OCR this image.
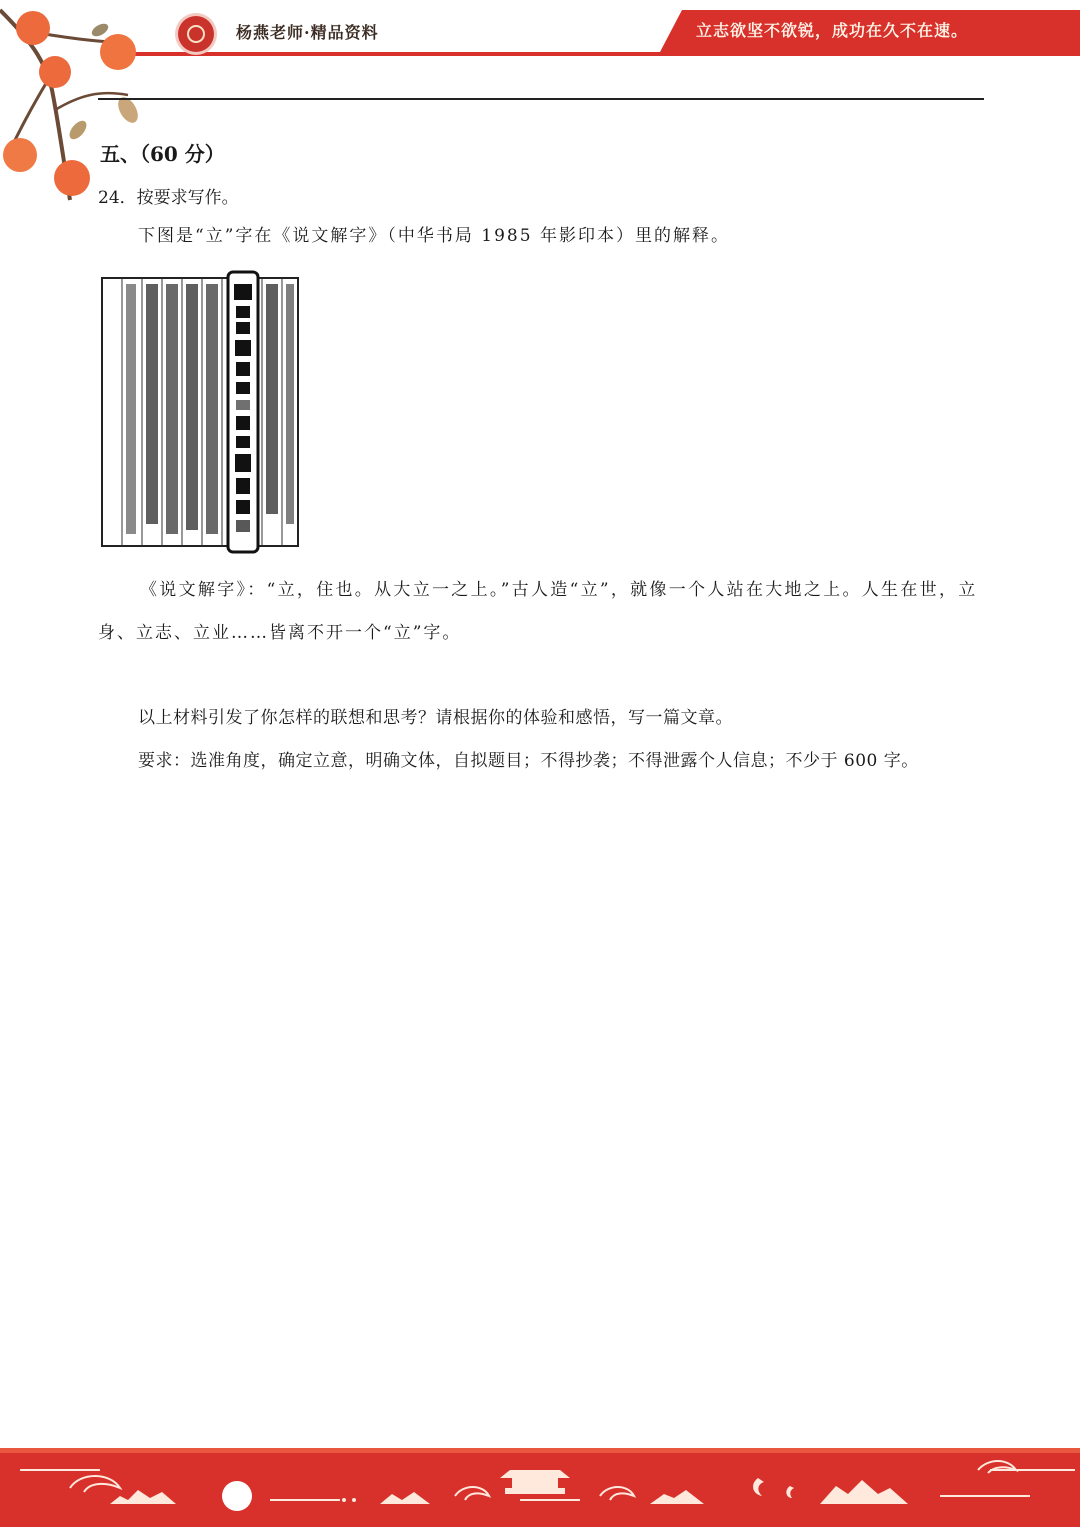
杨燕老师·精品资料	立志欲坚不欲锐，成功在久不在速。
五、（60 分）
24．按要求写作。
下图是“立”字在《说文解字》（中华书局 1985 年影印本）里的解释。
《说文解字》：“立，住也。从大立一之上。”古人造“立”，就像一个人站在大地之上。人生在世，立
身、立志、立业……皆离不开一个“立”字。
以上材料引发了你怎样的联想和思考？请根据你的体验和感悟，写一篇文章。
要求：选准角度，确定立意，明确文体，自拟题目；不得抄袭；不得泄露个人信息；不少于 600 字。
